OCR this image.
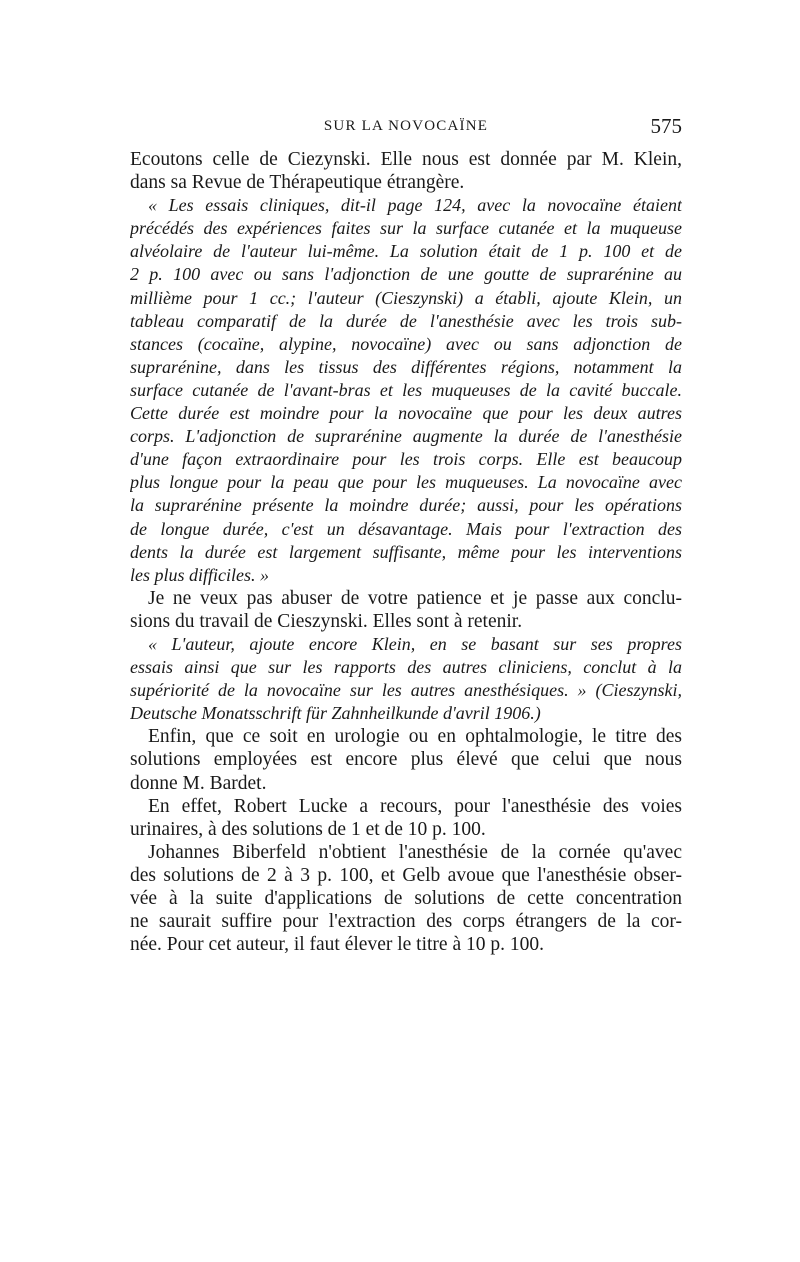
SUR LA NOVOCAÏNE	575
Ecoutons celle de Ciezynski. Elle nous est donnée par M. Klein,
dans sa Revue de Thérapeutique étrangère.
« Les essais cliniques, dit-il page 124, avec la novocaïne étaient
précédés des expériences faites sur la surface cutanée et la muqueuse
alvéolaire de l'auteur lui-même. La solution était de 1 p. 100 et de
2 p. 100 avec ou sans l'adjonction de une goutte de suprarénine au
millième pour 1 cc.; l'auteur (Cieszynski) a établi, ajoute Klein, un
tableau comparatif de la durée de l'anesthésie avec les trois sub-
stances (cocaïne, alypine, novocaïne) avec ou sans adjonction de
suprarénine, dans les tissus des différentes régions, notamment la
surface cutanée de l'avant-bras et les muqueuses de la cavité buccale.
Cette durée est moindre pour la novocaïne que pour les deux autres
corps. L'adjonction de suprarénine augmente la durée de l'anesthésie
d'une façon extraordinaire pour les trois corps. Elle est beaucoup
plus longue pour la peau que pour les muqueuses. La novocaïne avec
la suprarénine présente la moindre durée; aussi, pour les opérations
de longue durée, c'est un désavantage. Mais pour l'extraction des
dents la durée est largement suffisante, même pour les interventions
les plus difficiles. »
Je ne veux pas abuser de votre patience et je passe aux conclu-
sions du travail de Cieszynski. Elles sont à retenir.
« L'auteur, ajoute encore Klein, en se basant sur ses propres
essais ainsi que sur les rapports des autres cliniciens, conclut à la
supériorité de la novocaïne sur les autres anesthésiques. » (Cieszynski,
Deutsche Monatsschrift für Zahnheilkunde d'avril 1906.)
Enfin, que ce soit en urologie ou en ophtalmologie, le titre des
solutions employées est encore plus élevé que celui que nous
donne M. Bardet.
En effet, Robert Lucke a recours, pour l'anesthésie des voies
urinaires, à des solutions de 1 et de 10 p. 100.
Johannes Biberfeld n'obtient l'anesthésie de la cornée qu'avec
des solutions de 2 à 3 p. 100, et Gelb avoue que l'anesthésie obser-
vée à la suite d'applications de solutions de cette concentration
ne saurait suffire pour l'extraction des corps étrangers de la cor-
née. Pour cet auteur, il faut élever le titre à 10 p. 100.
